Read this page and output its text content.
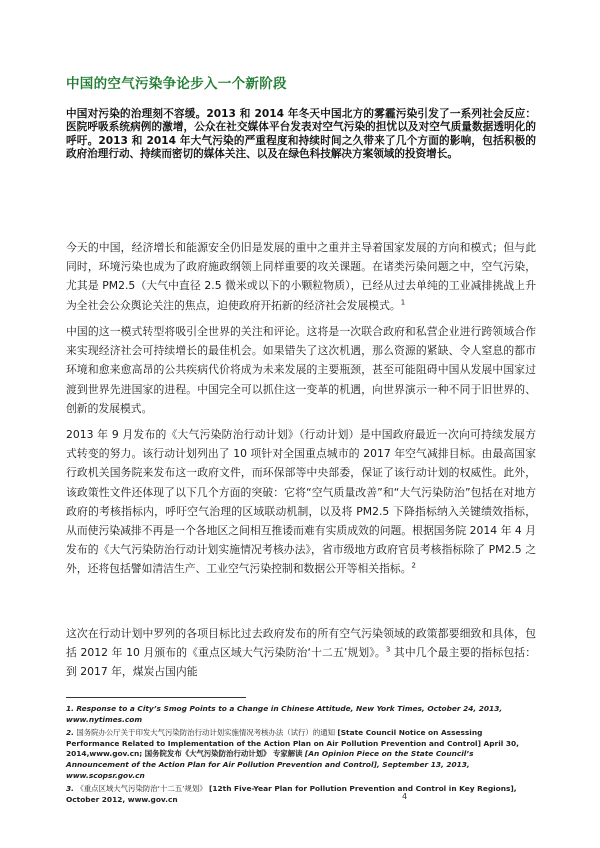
中国的空气污染争论步入一个新阶段
中国对污染的治理刻不容缓。2013 和 2014 年冬天中国北方的雾霾污染引发了一系列社会反应：医院呼吸系统病例的激增，公众在社交媒体平台发表对空气污染的担忧以及对空气质量数据透明化的呼吁。2013 和 2014 年大气污染的严重程度和持续时间之久带来了几个方面的影响，包括积极的政府治理行动、持续而密切的媒体关注、以及在绿色科技解决方案领域的投资增长。
今天的中国，经济增长和能源安全仍旧是发展的重中之重并主导着国家发展的方向和模式；但与此同时，环境污染也成为了政府施政纲领上同样重要的攻关课题。在诸类污染问题之中，空气污染，尤其是 PM2.5（大气中直径 2.5 微米或以下的小颗粒物质），已经从过去单纯的工业减排挑战上升为全社会公众舆论关注的焦点，迫使政府开拓新的经济社会发展模式。$^1$
中国的这一模式转型将吸引全世界的关注和评论。这将是一次联合政府和私营企业进行跨领域合作来实现经济社会可持续增长的最佳机会。如果错失了这次机遇，那么资源的紧缺、令人窒息的都市环境和愈来愈高昂的公共疾病代价将成为未来发展的主要瓶颈，甚至可能阻碍中国从发展中国家过渡到世界先进国家的进程。中国完全可以抓住这一变革的机遇，向世界演示一种不同于旧世界的、创新的发展模式。
2013 年 9 月发布的《大气污染防治行动计划》（行动计划）是中国政府最近一次向可持续发展方式转变的努力。该行动计划列出了 10 项针对全国重点城市的 2017 年空气减排目标。由最高国家行政机关国务院来发布这一政府文件，而环保部等中央部委，保证了该行动计划的权威性。此外，该政策性文件还体现了以下几个方面的突破：它将“空气质量改善”和“大气污染防治”包括在对地方政府的考核指标内，呼吁空气治理的区域联动机制，以及将 PM2.5 下降指标纳入关键绩效指标，从而使污染减排不再是一个各地区之间相互推诿而难有实质成效的问题。根据国务院 2014 年 4 月发布的《大气污染防治行动计划实施情况考核办法》，省市级地方政府官员考核指标除了 PM2.5 之外，还将包括譬如清洁生产、工业空气污染控制和数据公开等相关指标。$^2$
这次在行动计划中罗列的各项目标比过去政府发布的所有空气污染领域的政策都要细致和具体，包括 2012 年 10 月颁布的《重点区域大气污染防治‘十二五’规划》。$^3$ 其中几个最主要的指标包括：到 2017 年，煤炭占国内能
1. Response to a City’s Smog Points to a Change in Chinese Attitude, New York Times, October 24, 2013, www.nytimes.com
2. 国务院办公厅关于印发大气污染防治行动计划实施情况考核办法（试行）的通知 [State Council Notice on Assessing Performance Related to Implementation of the Action Plan on Air Pollution Prevention and Control] April 30, 2014,www.gov.cn; 国务院发布《大气污染防治行动计划》 专家解读 [An Opinion Piece on the State Council’s Announcement of the Action Plan for Air Pollution Prevention and Control], September 13, 2013, www.scopsr.gov.cn
3. 《重点区域大气污染防治‘十二五’规划》 [12th Five-Year Plan for Pollution Prevention and Control in Key Regions], October 2012, www.gov.cn	4
